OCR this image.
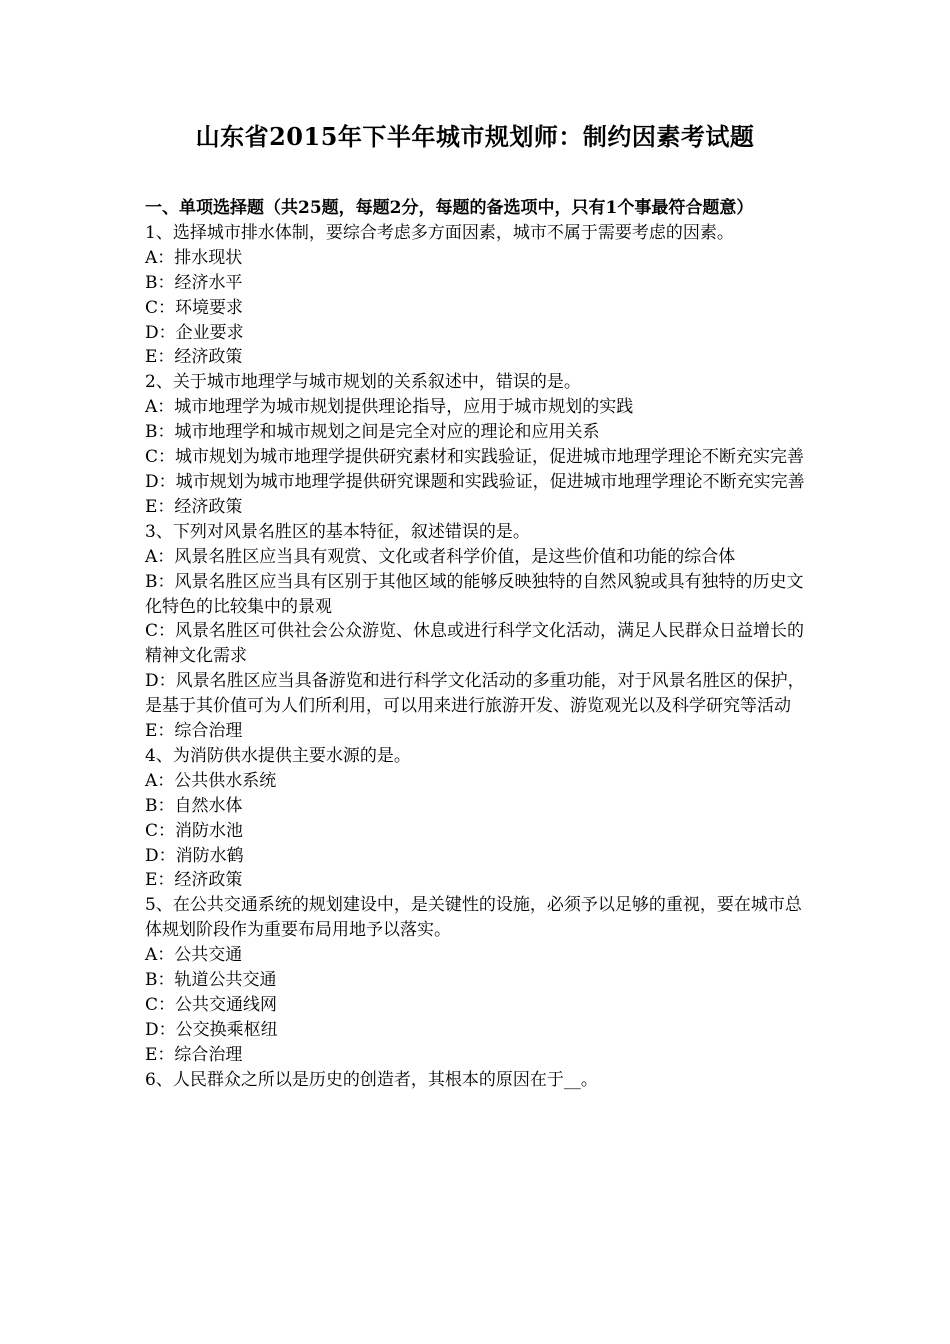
山东省2015年下半年城市规划师：制约因素考试题
一、单项选择题（共25题，每题2分，每题的备选项中，只有1个事最符合题意）
1、选择城市排水体制，要综合考虑多方面因素，城市不属于需要考虑的因素。
A：排水现状
B：经济水平
C：环境要求
D：企业要求
E：经济政策
2、关于城市地理学与城市规划的关系叙述中，错误的是。
A：城市地理学为城市规划提供理论指导，应用于城市规划的实践
B：城市地理学和城市规划之间是完全对应的理论和应用关系
C：城市规划为城市地理学提供研究素材和实践验证，促进城市地理学理论不断充实完善
D：城市规划为城市地理学提供研究课题和实践验证，促进城市地理学理论不断充实完善
E：经济政策
3、下列对风景名胜区的基本特征，叙述错误的是。
A：风景名胜区应当具有观赏、文化或者科学价值，是这些价值和功能的综合体
B：风景名胜区应当具有区别于其他区域的能够反映独特的自然风貌或具有独特的历史文化特色的比较集中的景观
C：风景名胜区可供社会公众游览、休息或进行科学文化活动，满足人民群众日益增长的精神文化需求
D：风景名胜区应当具备游览和进行科学文化活动的多重功能，对于风景名胜区的保护，是基于其价值可为人们所利用，可以用来进行旅游开发、游览观光以及科学研究等活动
E：综合治理
4、为消防供水提供主要水源的是。
A：公共供水系统
B：自然水体
C：消防水池
D：消防水鹤
E：经济政策
5、在公共交通系统的规划建设中，是关键性的设施，必须予以足够的重视，要在城市总体规划阶段作为重要布局用地予以落实。
A：公共交通
B：轨道公共交通
C：公共交通线网
D：公交换乘枢纽
E：综合治理
6、人民群众之所以是历史的创造者，其根本的原因在于__。
